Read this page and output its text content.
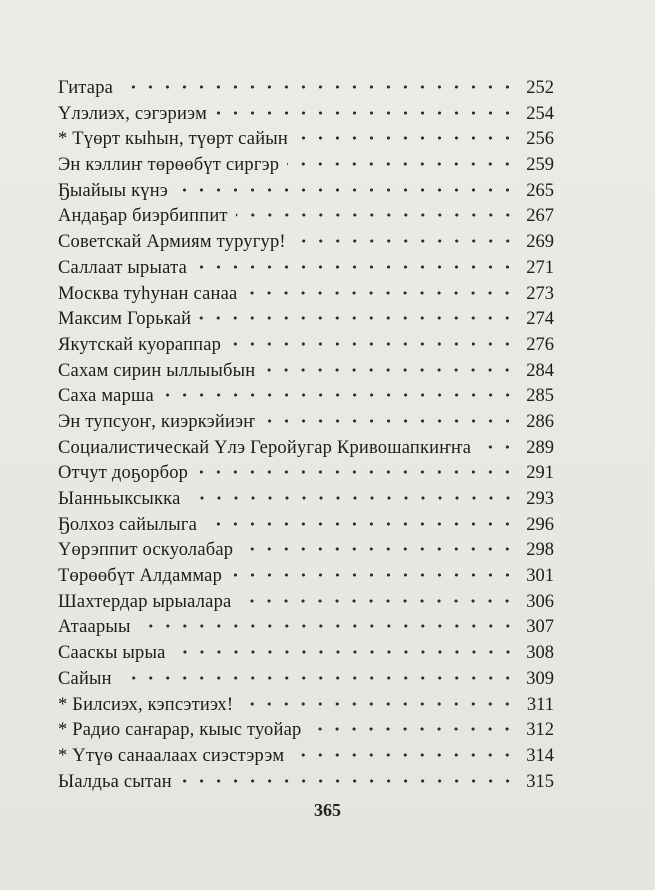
Гитара	252
Үлэлиэх, сэгэриэм	254
* Түөрт кыһын, түөрт сайын	256
Эн кэллиҥ төрөөбүт сиргэр	259
Ҕыайыы күнэ	265
Андаҕар биэрбиппит	267
Советскай Армиям туругур!	269
Саллаат ырыата	271
Москва туһунан санаа	273
Максим Горькай	274
Якутскай куораппар	276
Сахам сирин ыллыыбын	284
Саха марша	285
Эн тупсуоҥ, киэркэйиэҥ	286
Социалистическай Үлэ Геройугар Кривошапкиҥҥа	289
Отчут доҕорбор	291
Ыанньыксыкка	293
Ҕолхоз сайылыга	296
Үөрэппит оскуолабар	298
Төрөөбүт Алдаммар	301
Шахтердар ырыалара	306
Атаарыы	307
Сааскы ырыа	308
Сайын	309
* Билсиэх, кэпсэтиэх!	311
* Радио саҥарар, кыыс туойар	312
* Үтүө санаалаах сиэстэрэм	314
Ыалдьа сытан	315
365
